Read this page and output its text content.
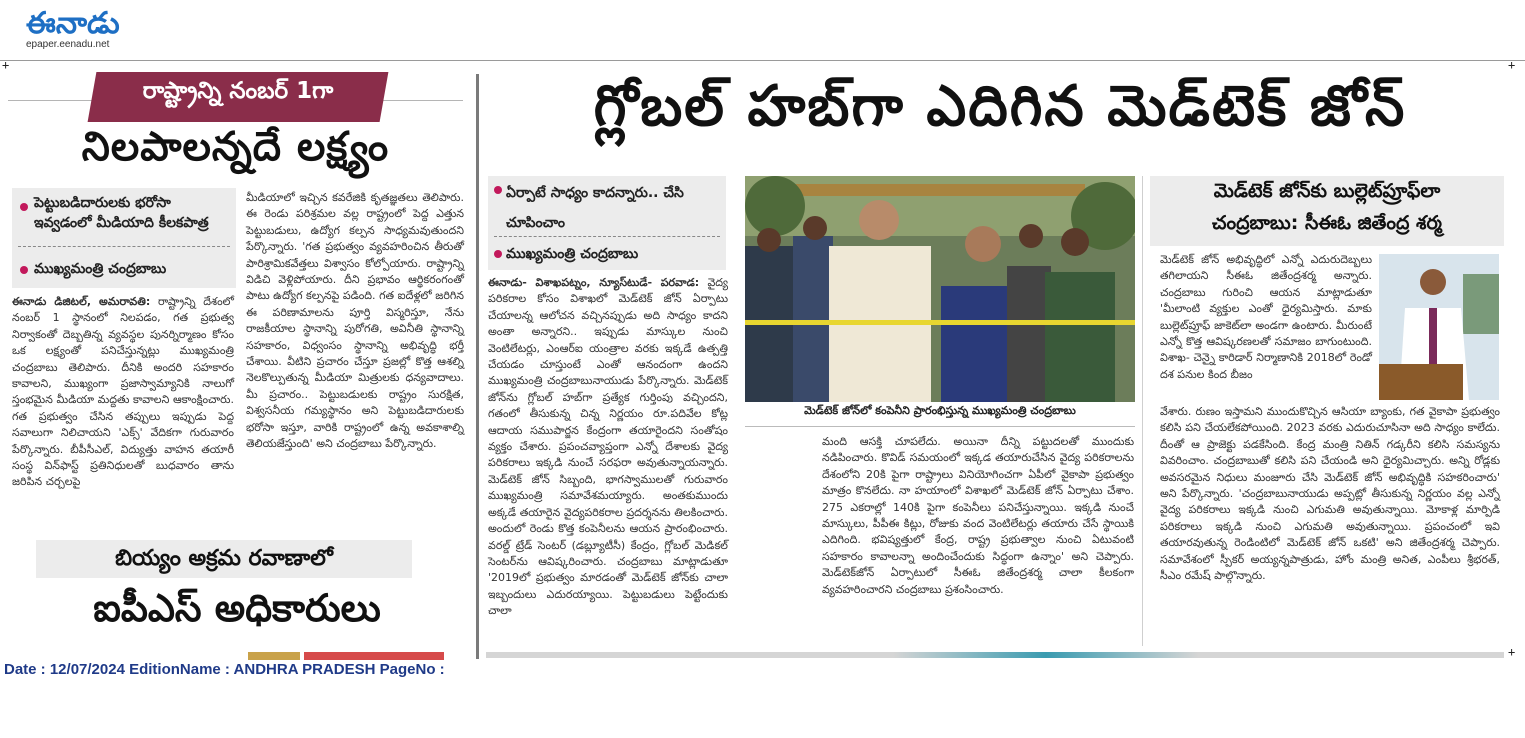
ఈనాడు
epaper.eenadu.net
+	+
+
రాష్ట్రాన్ని నంబర్ 1గా
నిలపాలన్నదే లక్ష్యం
పెట్టుబడిదారులకు భరోసా ఇవ్వడంలో మీడియాది కీలకపాత్ర
ముఖ్యమంత్రి చంద్రబాబు
ఈనాడు డిజిటల్, అమరావతి: రాష్ట్రాన్ని దేశంలో నంబర్ 1 స్థానంలో నిలపడం, గత ప్రభుత్వ నిర్వాకంతో దెబ్బతిన్న వ్యవస్థల పునర్నిర్మాణం కోసం ఒక లక్ష్యంతో పనిచేస్తున్నట్లు ముఖ్యమంత్రి చంద్రబాబు తెలిపారు. దీనికి అందరి సహకారం కావాలని, ముఖ్యంగా ప్రజాస్వామ్యానికి నాలుగో స్తంభమైన మీడియా మద్దతు కావాలని ఆకాంక్షించారు. గత ప్రభుత్వం చేసిన తప్పులు ఇప్పుడు పెద్ద సవాలుగా నిలిచాయని 'ఎక్స్' వేదికగా గురువారం పేర్కొన్నారు. బీపీసీఎల్, విద్యుత్తు వాహన తయారీ సంస్థ విన్‌ఫాస్ట్ ప్రతినిధులతో బుధవారం తాను జరిపిన చర్చలపై
మీడియాలో ఇచ్చిన కవరేజికి కృతజ్ఞతలు తెలిపారు. ఈ రెండు పరిశ్రమల వల్ల రాష్ట్రంలో పెద్ద ఎత్తున పెట్టుబడులు, ఉద్యోగ కల్పన సాధ్యమవుతుందని పేర్కొన్నారు. 'గత ప్రభుత్వం వ్యవహరించిన తీరుతో పారిశ్రామికవేత్తలు విశ్వాసం కోల్పోయారు. రాష్ట్రాన్ని విడిచి వెళ్లిపోయారు. దీని ప్రభావం ఆర్థికరంగంతో పాటు ఉద్యోగ కల్పనపై పడింది. గత ఐదేళ్లలో జరిగిన ఈ పరిణామాలను పూర్తి విస్మరిస్తూ, నేను రాజకీయాల స్థానాన్ని పురోగతి, అవినీతి స్థానాన్ని సహకారం, విధ్వంసం స్థానాన్ని అభివృద్ధి భర్తీ చేశాయి. వీటిని ప్రచారం చేస్తూ ప్రజల్లో కొత్త ఆశల్ని నెలకొల్పుతున్న మీడియా మిత్రులకు ధన్యవాదాలు. మీ ప్రచారం.. పెట్టుబడులకు రాష్ట్రం సురక్షిత, విశ్వసనీయ గమ్యస్థానం అని పెట్టుబడిదారులకు భరోసా ఇస్తూ, వారికి రాష్ట్రంలో ఉన్న అవకాశాల్ని తెలియజేస్తుంది' అని చంద్రబాబు పేర్కొన్నారు.
బియ్యం అక్రమ రవాణాలో
ఐపీఎస్ అధికారులు
గ్లోబల్ హబ్‌గా ఎదిగిన మెడ్‌టెక్ జోన్
ఏర్పాటే సాధ్యం కాదన్నారు.. చేసి చూపించాం
ముఖ్యమంత్రి చంద్రబాబు
ఈనాడు- విశాఖపట్నం, న్యూస్‌టుడే- పరవాడ: వైద్య పరికరాల కోసం విశాఖలో మెడ్‌టెక్ జోన్ ఏర్పాటు చేయాలన్న ఆలోచన వచ్చినప్పుడు అది సాధ్యం కాదని అంతా అన్నారని.. ఇప్పుడు మాస్కుల నుంచి వెంటిలేటర్లు, ఎంఆర్ఐ యంత్రాల వరకు ఇక్కడే ఉత్పత్తి చేయడం చూస్తుంటే ఎంతో ఆనందంగా ఉందని ముఖ్యమంత్రి చంద్రబాబునాయుడు పేర్కొన్నారు. మెడ్‌టెక్ జోన్‌ను గ్లోబల్ హబ్‌గా ప్రత్యేక గుర్తింపు వచ్చిందని, గతంలో తీసుకున్న చిన్న నిర్ణయం రూ.పదివేల కోట్ల ఆదాయ సముపార్జన కేంద్రంగా తయారైందని సంతోషం వ్యక్తం చేశారు. ప్రపంచవ్యాప్తంగా ఎన్నో దేశాలకు వైద్య పరికరాలు ఇక్కడి నుంచే సరఫరా అవుతున్నాయన్నారు. మెడ్‌టెక్ జోన్ సిబ్బంది, భాగస్వాములతో గురువారం ముఖ్యమంత్రి సమావేశమయ్యారు. అంతకుముందు అక్కడే తయారైన వైద్యపరికరాల ప్రదర్శనను తిలకించారు. అందులో రెండు కొత్త కంపెనీలను ఆయన ప్రారంభించారు. వరల్డ్ ట్రేడ్ సెంటర్ (డబ్ల్యూటీసీ) కేంద్రం, గ్లోబల్ మెడికల్ సెంటర్‌ను ఆవిష్కరించారు. చంద్రబాబు మాట్లాడుతూ '2019లో ప్రభుత్వం మారడంతో మెడ్‌టెక్ జోన్‌కు చాలా ఇబ్బందులు ఎదురయ్యాయి. పెట్టుబడులు పెట్టేందుకు చాలా
మెడ్‌టెక్ జోన్‌లో కంపెనీని ప్రారంభిస్తున్న ముఖ్యమంత్రి చంద్రబాబు
మంది ఆసక్తి చూపలేదు. అయినా దీన్ని పట్టుదలతో ముందుకు నడిపించారు. కొవిడ్ సమయంలో ఇక్కడ తయారుచేసిన వైద్య పరికరాలను దేశంలోని 20కి పైగా రాష్ట్రాలు వినియోగించగా ఏపీలో వైకాపా ప్రభుత్వం మాత్రం కొనలేదు. నా హయాంలో విశాఖలో మెడ్‌టెక్ జోన్ ఏర్పాటు చేశాం. 275 ఎకరాల్లో 140కి పైగా కంపెనీలు పనిచేస్తున్నాయి. ఇక్కడి నుంచే మాస్కులు, పీపీఈ కిట్లు, రోజుకు వంద వెంటిలేటర్లు తయారు చేసే స్థాయికి ఎదిగింది. భవిష్యత్తులో కేంద్ర, రాష్ట్ర ప్రభుత్వాల నుంచి ఏటువంటి సహకారం కావాలన్నా అందించేందుకు సిద్ధంగా ఉన్నాం' అని చెప్పారు. మెడ్‌టెక్‌జోన్ ఏర్పాటులో సీఈఓ జితేంద్రశర్మ చాలా కీలకంగా వ్యవహరించారని చంద్రబాబు ప్రశంసించారు.
మెడ్‌టెక్ జోన్‌కు బుల్లెట్‌ప్రూఫ్‌లా
చంద్రబాబు: సీఈఓ జితేంద్ర శర్మ
మెడ్‌టెక్ జోన్ అభివృద్ధిలో ఎన్నో ఎదురుదెబ్బలు తగిలాయని సీఈఓ జితేంద్రశర్మ అన్నారు. చంద్రబాబు గురించి ఆయన మాట్లాడుతూ 'మీలాంటి వ్యక్తుల ఎంతో ధైర్యమిస్తారు. మాకు బుల్లెట్‌ప్రూఫ్ జాకెట్‌లా అండగా ఉంటారు. మీరుంటే ఎన్నో కొత్త ఆవిష్కరణలతో సమాజం బాగుంటుంది. విశాఖ- చెన్నై కారిడార్ నిర్మాణానికి 2018లో రెండో దశ పనుల కింద బీజం
వేశారు. రుణం ఇస్తామని ముందుకొచ్చిన ఆసియా బ్యాంకు, గత వైకాపా ప్రభుత్వం కలిసి పని చేయలేకపోయింది. 2023 వరకు ఎదురుచూసినా అది సాధ్యం కాలేదు. దీంతో ఆ ప్రాజెక్టు పడకేసింది. కేంద్ర మంత్రి నితిన్ గడ్కరీని కలిసి సమస్యను వివరించాం. చంద్రబాబుతో కలిసి పని చేయండి అని ధైర్యమిచ్చారు. అన్ని రోడ్లకు అవసరమైన నిధులు మంజూరు చేసి మెడ్‌టెక్ జోన్ అభివృద్ధికి సహకరించారు' అని పేర్కొన్నారు. 'చంద్రబాబునాయుడు అప్పట్లో తీసుకున్న నిర్ణయం వల్ల ఎన్నో వైద్య పరికరాలు ఇక్కడి నుంచి ఎగుమతి అవుతున్నాయి. మోకాళ్ల మార్పిడి పరికరాలు ఇక్కడి నుంచి ఎగుమతి అవుతున్నాయి. ప్రపంచంలో ఇవి తయారవుతున్న రెండింటిలో మెడ్‌టెక్ జోన్ ఒకటి' అని జితేంద్రశర్మ చెప్పారు. సమావేశంలో స్పీకర్ అయ్యన్నపాత్రుడు, హోం మంత్రి అనిత, ఎంపీలు శ్రీభరత్, సీఎం రమేష్ పాల్గొన్నారు.
Date : 12/07/2024 EditionName : ANDHRA PRADESH PageNo :
